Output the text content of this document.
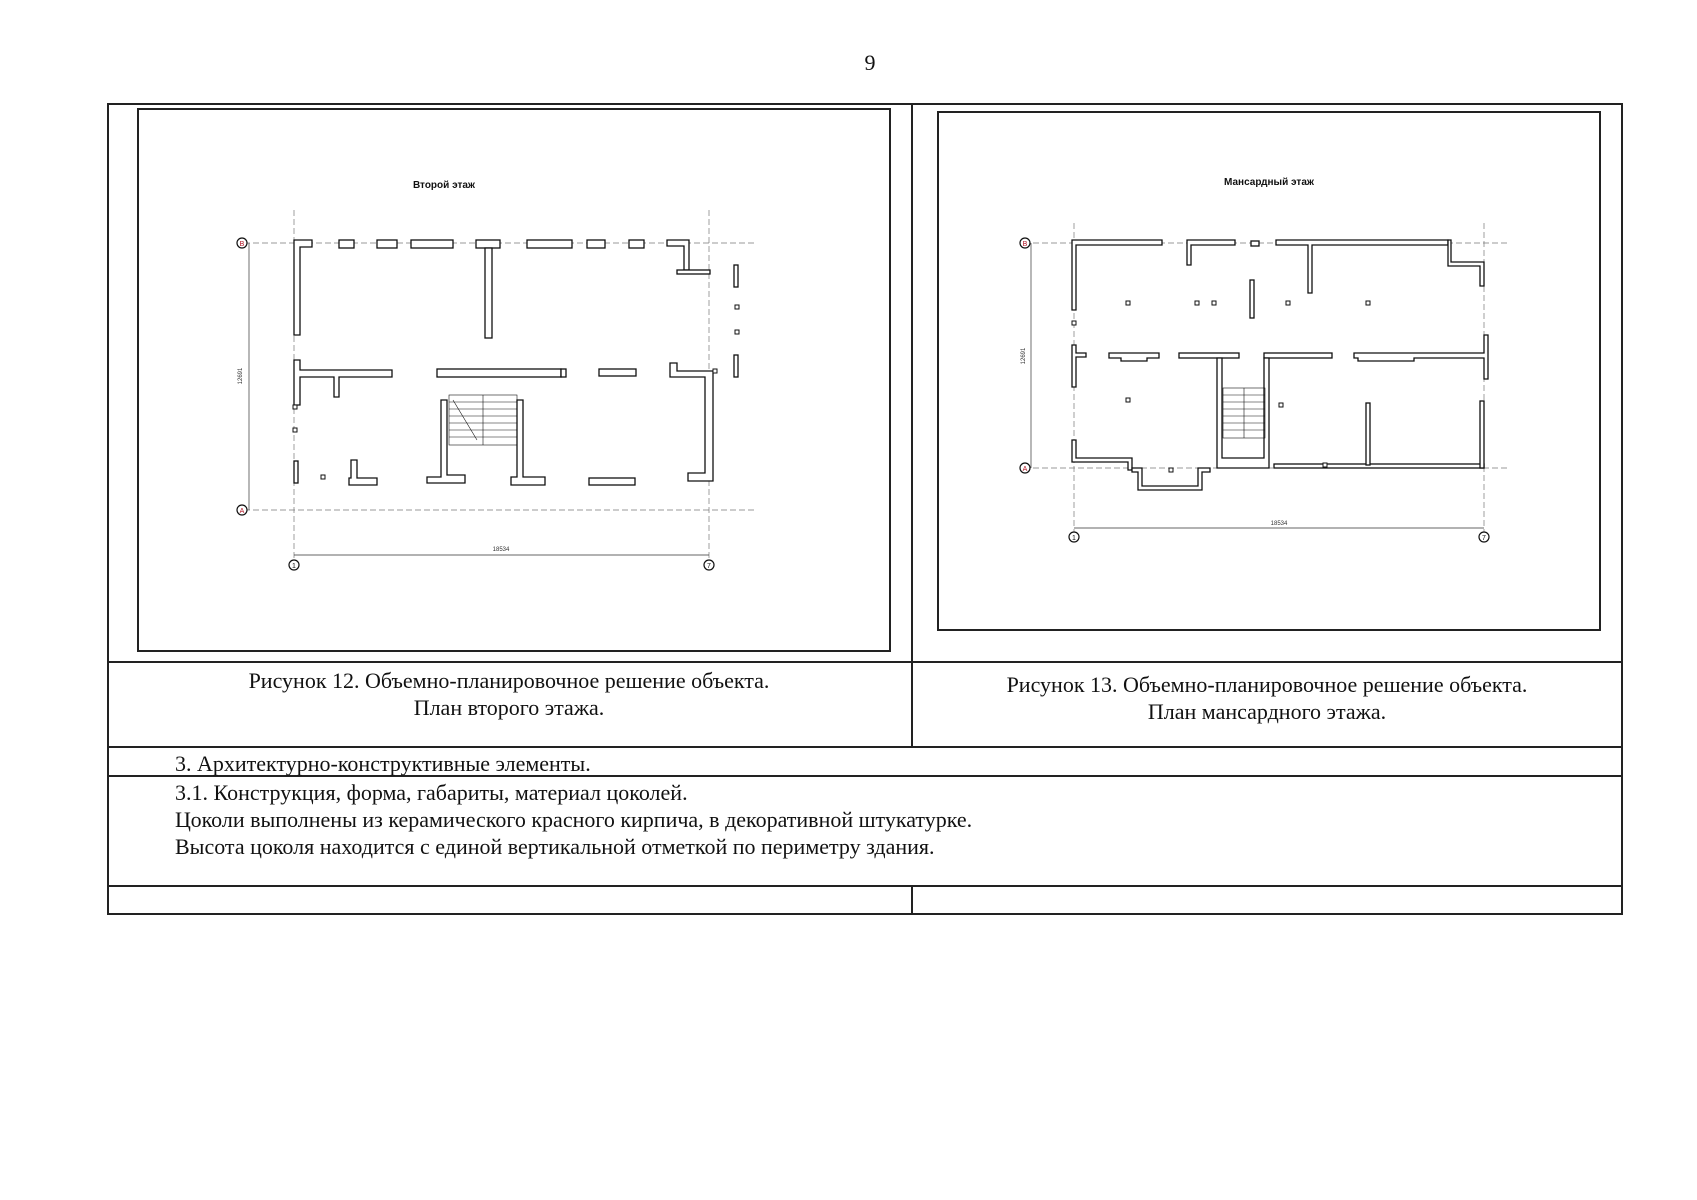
9
Второй этаж
12691
18534
В
А
1	7
Рисунок 12. Объемно-планировочное решение объекта.
План второго этажа.
Мансардный этаж
12691
18534
В
А
1	7
Рисунок 13. Объемно-планировочное решение объекта.
План мансардного этажа.
3. Архитектурно-конструктивные элементы.
3.1. Конструкция, форма, габариты, материал цоколей.
Цоколи выполнены из керамического красного кирпича, в декоративной штукатурке.
Высота цоколя находится с единой вертикальной отметкой по периметру здания.
